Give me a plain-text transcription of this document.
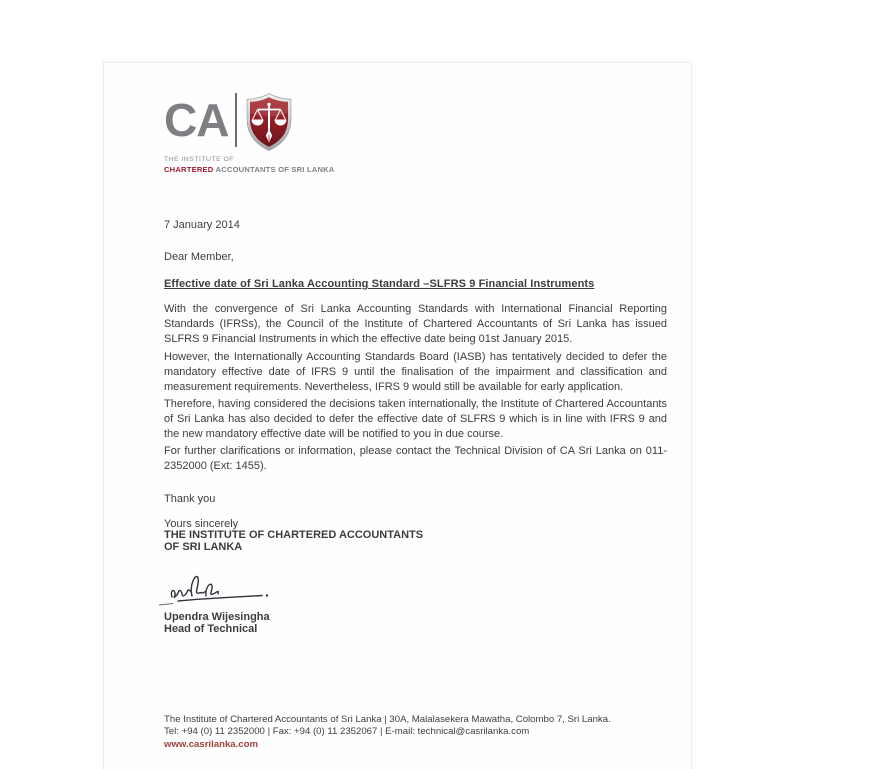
CA
THE INSTITUTE OF
CHARTERED ACCOUNTANTS OF SRI LANKA
7 January 2014
Dear Member,
Effective date of Sri Lanka Accounting Standard –SLFRS 9 Financial Instruments
With the convergence of Sri Lanka Accounting Standards with International Financial Reporting Standards (IFRSs), the Council of the Institute of Chartered Accountants of Sri Lanka has issued SLFRS 9 Financial Instruments in which the effective date being 01st January 2015.
However, the Internationally Accounting Standards Board (IASB) has tentatively decided to defer the mandatory effective date of IFRS 9 until the finalisation of the impairment and classification and measurement requirements. Nevertheless, IFRS 9 would still be available for early application.
Therefore, having considered the decisions taken internationally, the Institute of Chartered Accountants of Sri Lanka has also decided to defer the effective date of SLFRS 9 which is in line with IFRS 9 and the new mandatory effective date will be notified to you in due course.
For further clarifications or information, please contact the Technical Division of CA Sri Lanka on 011-2352000 (Ext: 1455).
Thank you
Yours sincerely
THE INSTITUTE OF CHARTERED ACCOUNTANTS
OF SRI LANKA
Upendra Wijesingha
Head of Technical
The Institute of Chartered Accountants of Sri Lanka | 30A, Malalasekera Mawatha, Colombo 7, Sri Lanka.
Tel: +94 (0) 11 2352000 | Fax: +94 (0) 11 2352067 | E-mail: technical@casrilanka.com
www.casrilanka.com
